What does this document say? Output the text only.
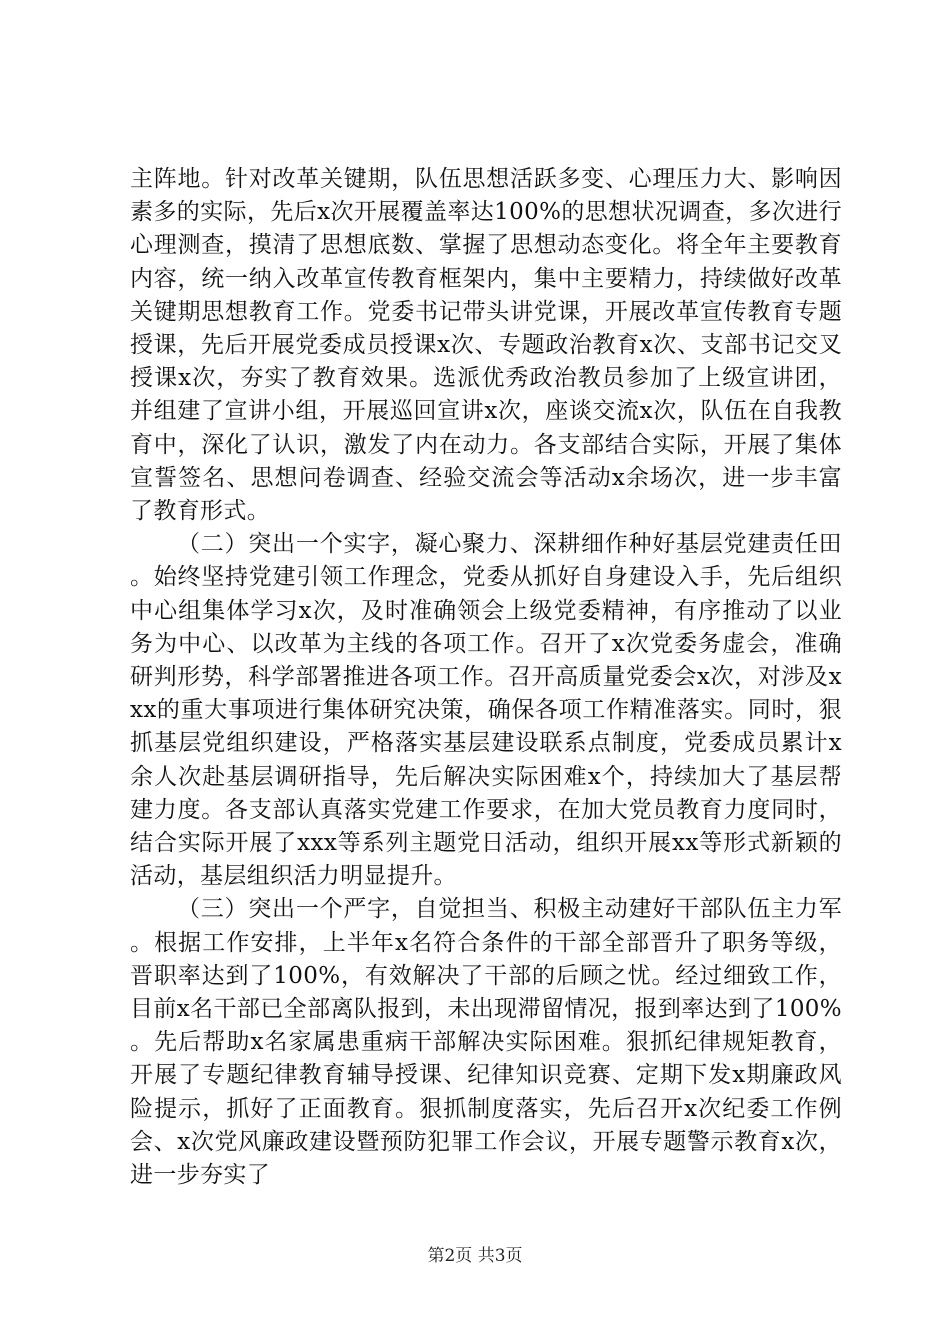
主阵地。针对改革关键期，队伍思想活跃多变、心理压力大、影响因素多的实际，先后x次开展覆盖率达100%的思想状况调查，多次进行心理测查，摸清了思想底数、掌握了思想动态变化。将全年主要教育内容，统一纳入改革宣传教育框架内，集中主要精力，持续做好改革关键期思想教育工作。党委书记带头讲党课，开展改革宣传教育专题授课，先后开展党委成员授课x次、专题政治教育x次、支部书记交叉授课x次，夯实了教育效果。选派优秀政治教员参加了上级宣讲团，并组建了宣讲小组，开展巡回宣讲x次，座谈交流x次，队伍在自我教育中，深化了认识，激发了内在动力。各支部结合实际，开展了集体宣誓签名、思想问卷调查、经验交流会等活动x余场次，进一步丰富了教育形式。

（二）突出一个实字，凝心聚力、深耕细作种好基层党建责任田。始终坚持党建引领工作理念，党委从抓好自身建设入手，先后组织中心组集体学习x次，及时准确领会上级党委精神，有序推动了以业务为中心、以改革为主线的各项工作。召开了x次党委务虚会，准确研判形势，科学部署推进各项工作。召开高质量党委会x次，对涉及xxx的重大事项进行集体研究决策，确保各项工作精准落实。同时，狠抓基层党组织建设，严格落实基层建设联系点制度，党委成员累计x余人次赴基层调研指导，先后解决实际困难x个，持续加大了基层帮建力度。各支部认真落实党建工作要求，在加大党员教育力度同时，结合实际开展了xxx等系列主题党日活动，组织开展xx等形式新颖的活动，基层组织活力明显提升。

（三）突出一个严字，自觉担当、积极主动建好干部队伍主力军。根据工作安排，上半年x名符合条件的干部全部晋升了职务等级，晋职率达到了100%，有效解决了干部的后顾之忧。经过细致工作，目前x名干部已全部离队报到，未出现滞留情况，报到率达到了100%。先后帮助x名家属患重病干部解决实际困难。狠抓纪律规矩教育，开展了专题纪律教育辅导授课、纪律知识竞赛、定期下发x期廉政风险提示，抓好了正面教育。狠抓制度落实，先后召开x次纪委工作例会、x次党风廉政建设暨预防犯罪工作会议，开展专题警示教育x次，进一步夯实了

第2页 共3页
